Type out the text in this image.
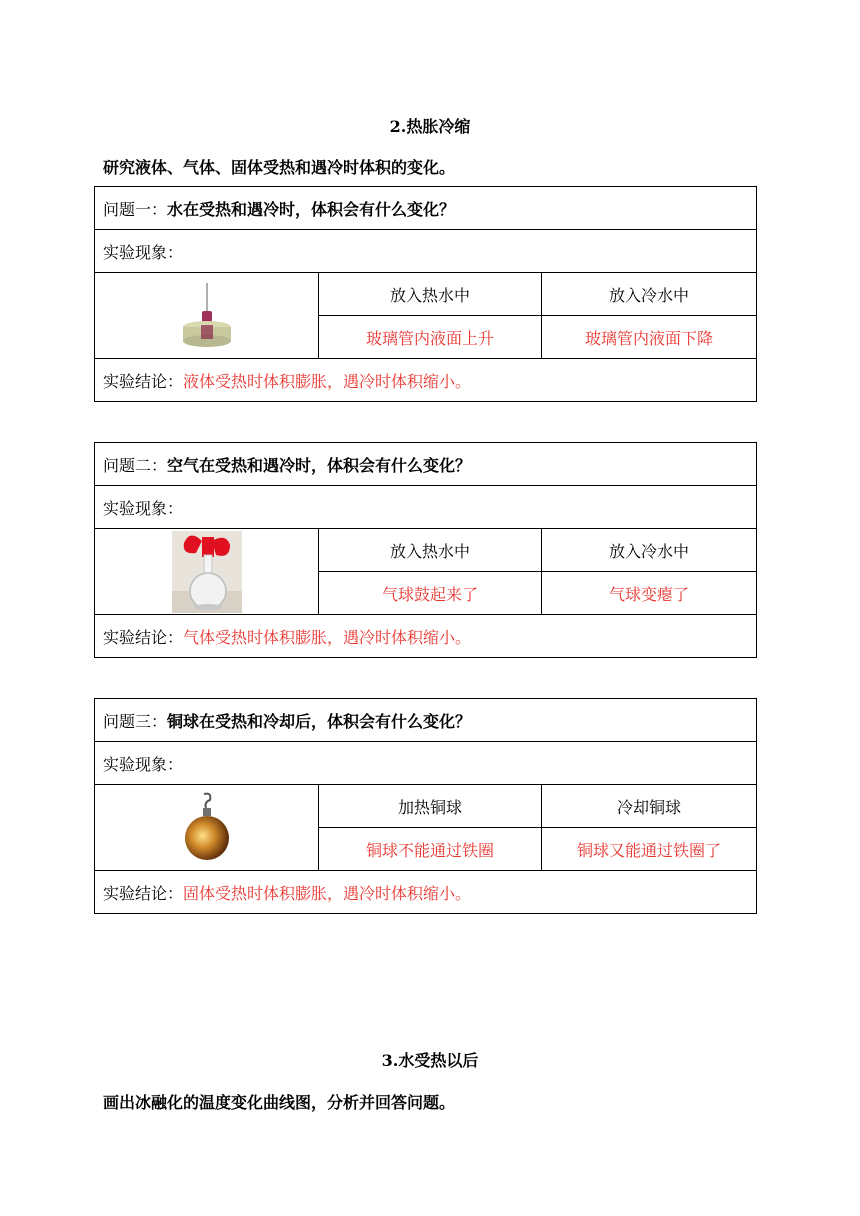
2.热胀冷缩
研究液体、气体、固体受热和遇冷时体积的变化。
问题一：水在受热和遇冷时，体积会有什么变化？		
实验现象：		

	放入热水中	放入冷水中
	玻璃管内液面上升	玻璃管内液面下降
实验结论：液体受热时体积膨胀，遇冷时体积缩小。		
问题二：空气在受热和遇冷时，体积会有什么变化？		
实验现象：		

	放入热水中	放入冷水中
	气球鼓起来了	气球变瘪了
实验结论：气体受热时体积膨胀，遇冷时体积缩小。		
问题三：铜球在受热和冷却后，体积会有什么变化？		
实验现象：		

	加热铜球	冷却铜球
	铜球不能通过铁圈	铜球又能通过铁圈了
实验结论：固体受热时体积膨胀，遇冷时体积缩小。		
3.水受热以后
画出冰融化的温度变化曲线图，分析并回答问题。
